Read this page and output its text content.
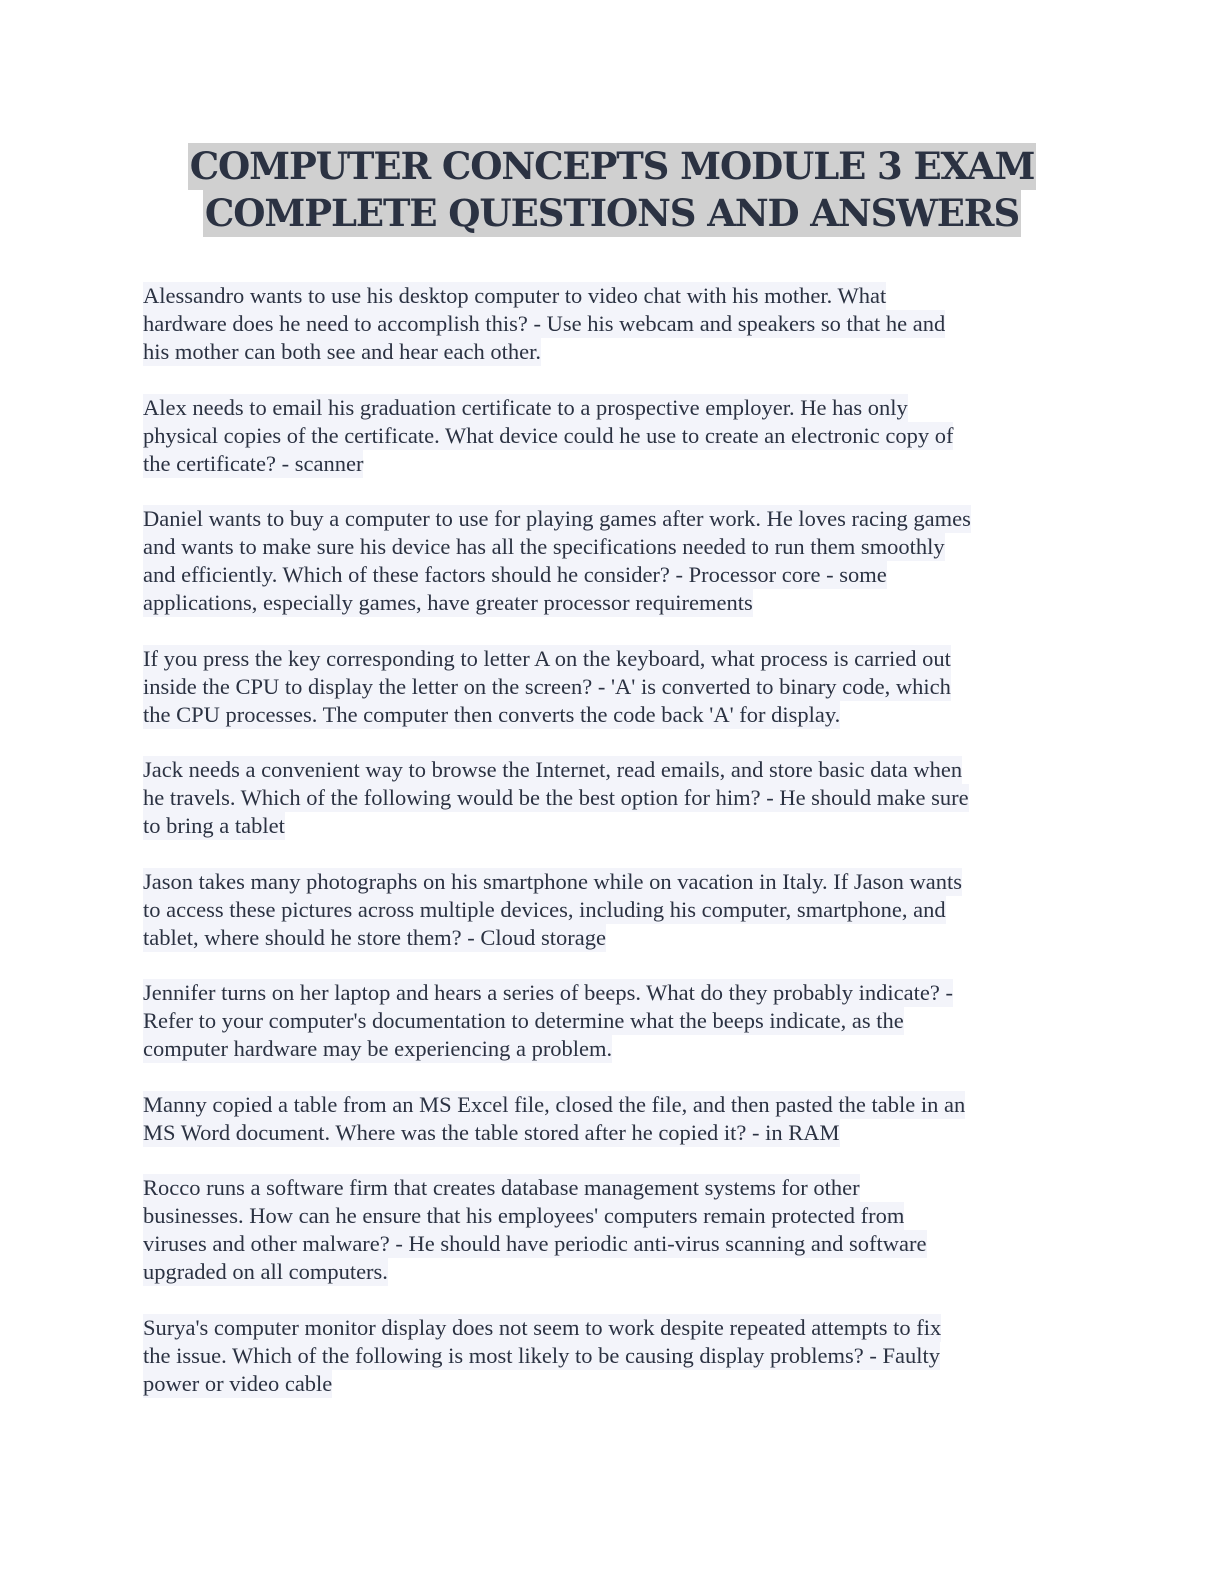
COMPUTER CONCEPTS MODULE 3 EXAM
COMPLETE QUESTIONS AND ANSWERS
Alessandro wants to use his desktop computer to video chat with his mother. What
hardware does he need to accomplish this? - Use his webcam and speakers so that he and
his mother can both see and hear each other.

Alex needs to email his graduation certificate to a prospective employer. He has only
physical copies of the certificate. What device could he use to create an electronic copy of
the certificate? - scanner

Daniel wants to buy a computer to use for playing games after work. He loves racing games
and wants to make sure his device has all the specifications needed to run them smoothly
and efficiently. Which of these factors should he consider? - Processor core - some
applications, especially games, have greater processor requirements

If you press the key corresponding to letter A on the keyboard, what process is carried out
inside the CPU to display the letter on the screen? - 'A' is converted to binary code, which
the CPU processes. The computer then converts the code back 'A' for display.

Jack needs a convenient way to browse the Internet, read emails, and store basic data when
he travels. Which of the following would be the best option for him? - He should make sure
to bring a tablet

Jason takes many photographs on his smartphone while on vacation in Italy. If Jason wants
to access these pictures across multiple devices, including his computer, smartphone, and
tablet, where should he store them? - Cloud storage

Jennifer turns on her laptop and hears a series of beeps. What do they probably indicate? -
Refer to your computer's documentation to determine what the beeps indicate, as the
computer hardware may be experiencing a problem.

Manny copied a table from an MS Excel file, closed the file, and then pasted the table in an
MS Word document. Where was the table stored after he copied it? - in RAM

Rocco runs a software firm that creates database management systems for other
businesses. How can he ensure that his employees' computers remain protected from
viruses and other malware? - He should have periodic anti-virus scanning and software
upgraded on all computers.

Surya's computer monitor display does not seem to work despite repeated attempts to fix
the issue. Which of the following is most likely to be causing display problems? - Faulty
power or video cable
